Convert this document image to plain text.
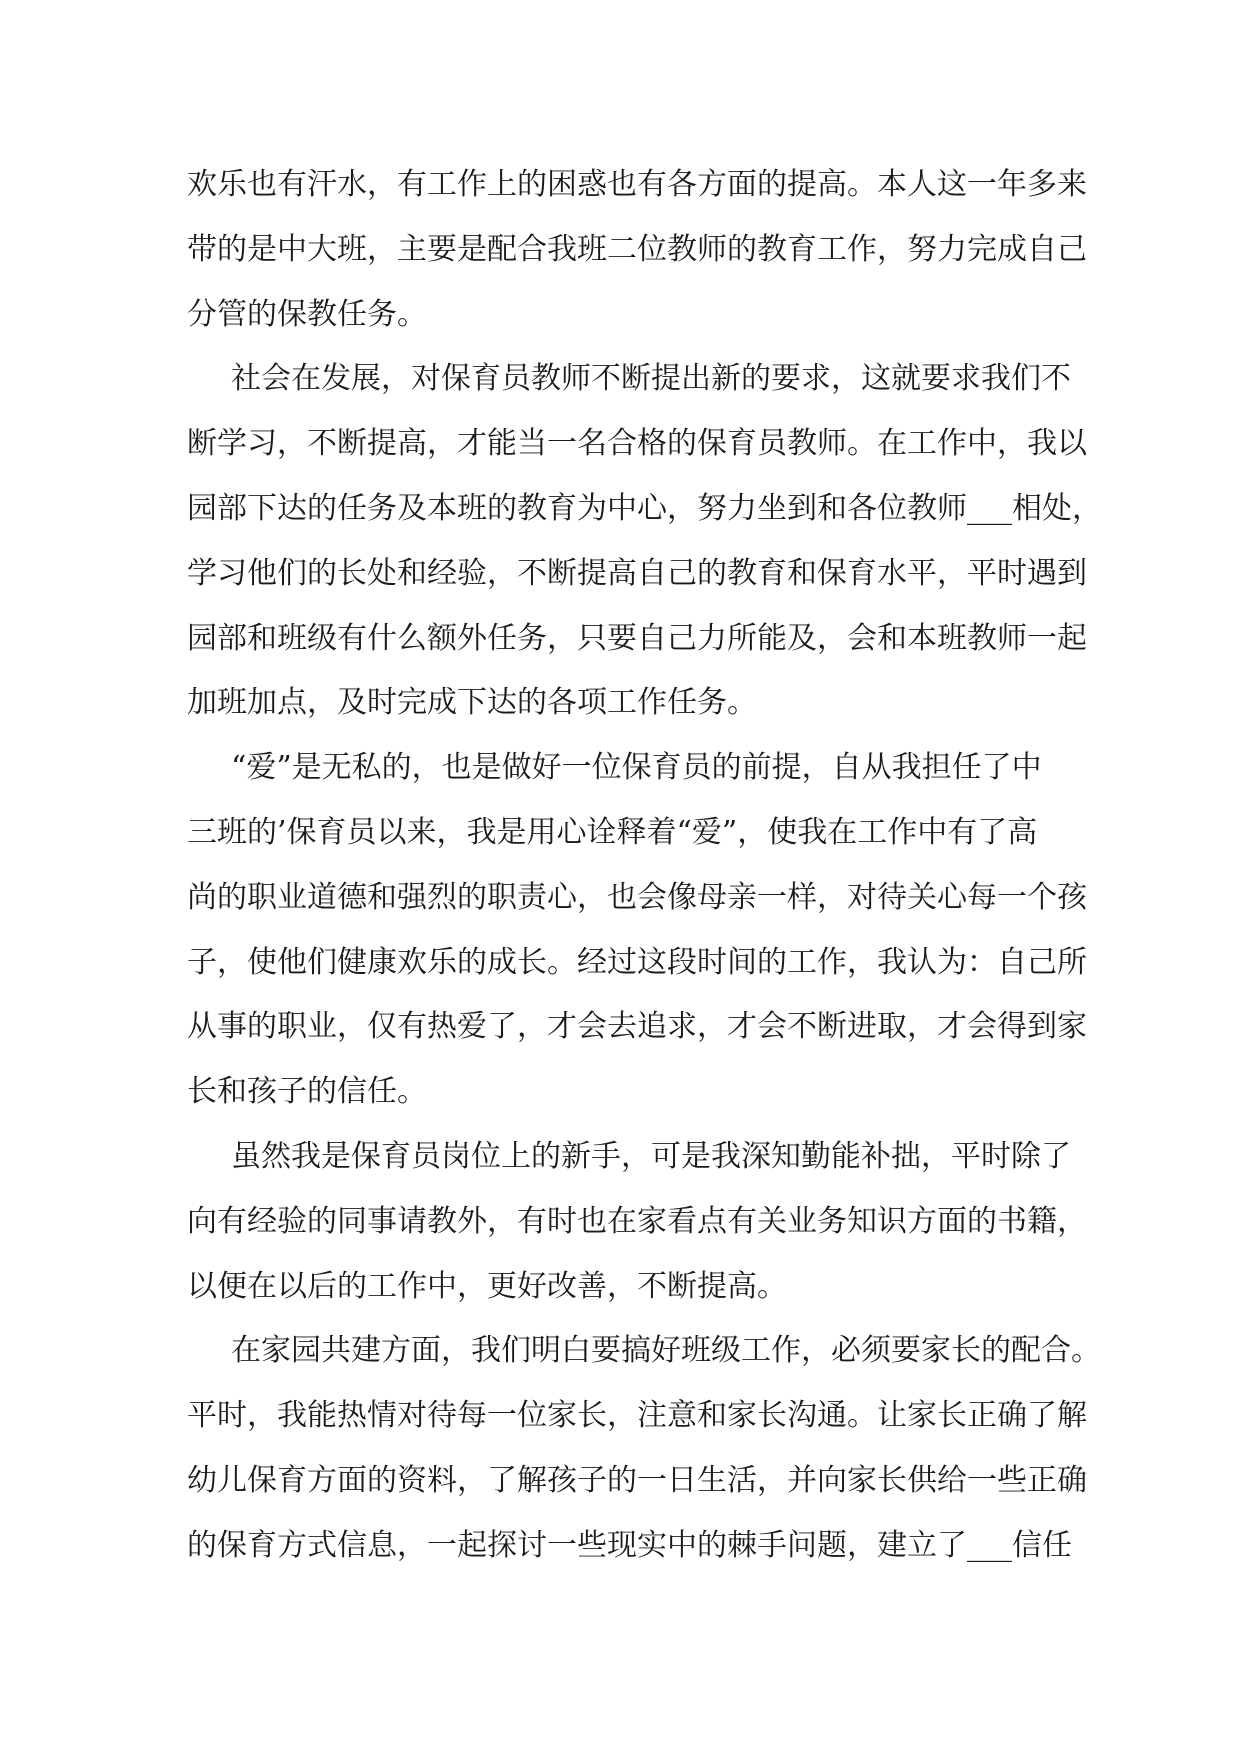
欢乐也有汗水，有工作上的困惑也有各方面的提高。本人这一年多来
带的是中大班，主要是配合我班二位教师的教育工作，努力完成自己
分管的保教任务。
社会在发展，对保育员教师不断提出新的要求，这就要求我们不
断学习，不断提高，才能当一名合格的保育员教师。在工作中，我以
园部下达的任务及本班的教育为中心，努力坐到和各位教师___相处，
学习他们的长处和经验，不断提高自己的教育和保育水平，平时遇到
园部和班级有什么额外任务，只要自己力所能及，会和本班教师一起
加班加点，及时完成下达的各项工作任务。
“爱”是无私的，也是做好一位保育员的前提，自从我担任了中
三班的’保育员以来，我是用心诠释着“爱”，使我在工作中有了高
尚的职业道德和强烈的职责心，也会像母亲一样，对待关心每一个孩
子，使他们健康欢乐的成长。经过这段时间的工作，我认为：自己所
从事的职业，仅有热爱了，才会去追求，才会不断进取，才会得到家
长和孩子的信任。
虽然我是保育员岗位上的新手，可是我深知勤能补拙，平时除了
向有经验的同事请教外，有时也在家看点有关业务知识方面的书籍，
以便在以后的工作中，更好改善，不断提高。
在家园共建方面，我们明白要搞好班级工作，必须要家长的配合。
平时，我能热情对待每一位家长，注意和家长沟通。让家长正确了解
幼儿保育方面的资料，了解孩子的一日生活，并向家长供给一些正确
的保育方式信息，一起探讨一些现实中的棘手问题，建立了___信任
